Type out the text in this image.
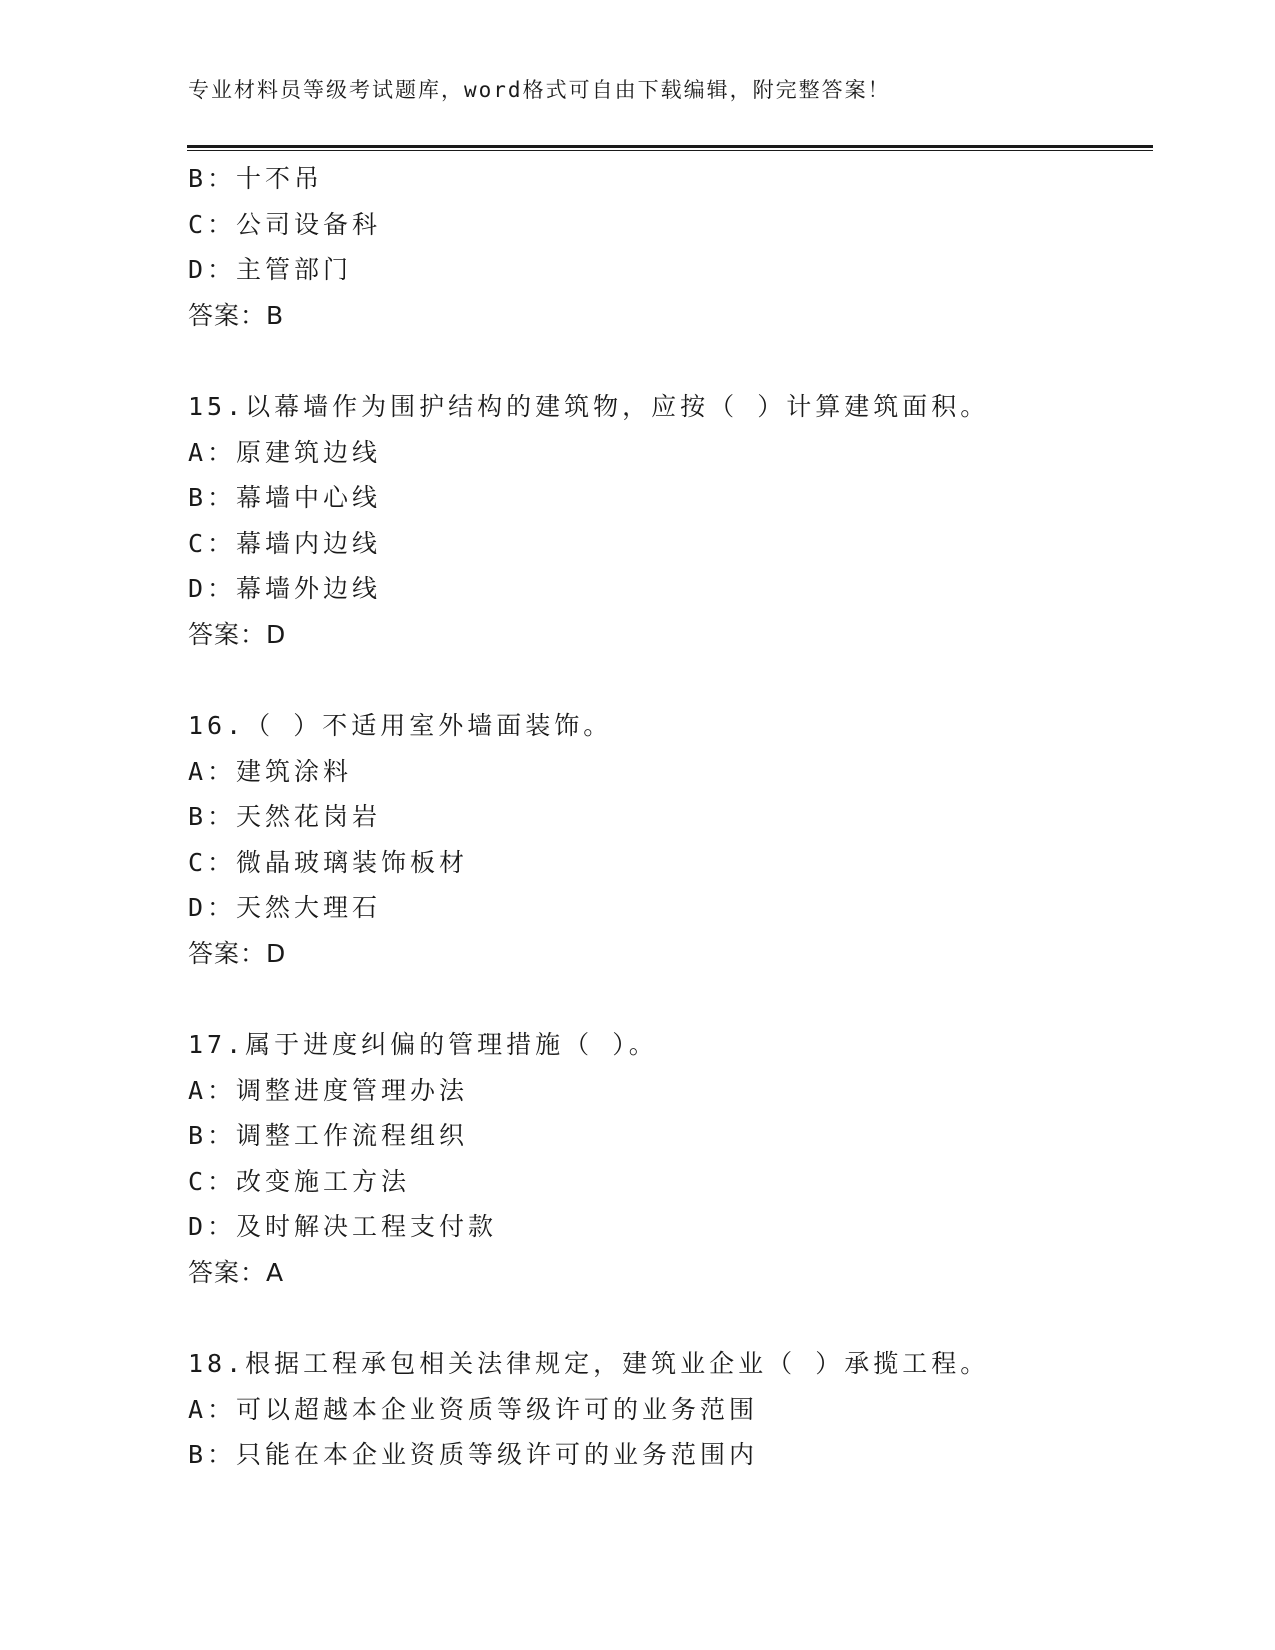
专业材料员等级考试题库，word格式可自由下载编辑，附完整答案！
B：十不吊
C：公司设备科
D：主管部门
答案：B
15.以幕墙作为围护结构的建筑物，应按（ ）计算建筑面积。
A：原建筑边线
B：幕墙中心线
C：幕墙内边线
D：幕墙外边线
答案：D
16.（ ）不适用室外墙面装饰。
A：建筑涂料
B：天然花岗岩
C：微晶玻璃装饰板材
D：天然大理石
答案：D
17.属于进度纠偏的管理措施（ ）。
A：调整进度管理办法
B：调整工作流程组织
C：改变施工方法
D：及时解决工程支付款
答案：A
18.根据工程承包相关法律规定，建筑业企业（ ）承揽工程。
A：可以超越本企业资质等级许可的业务范围
B：只能在本企业资质等级许可的业务范围内
